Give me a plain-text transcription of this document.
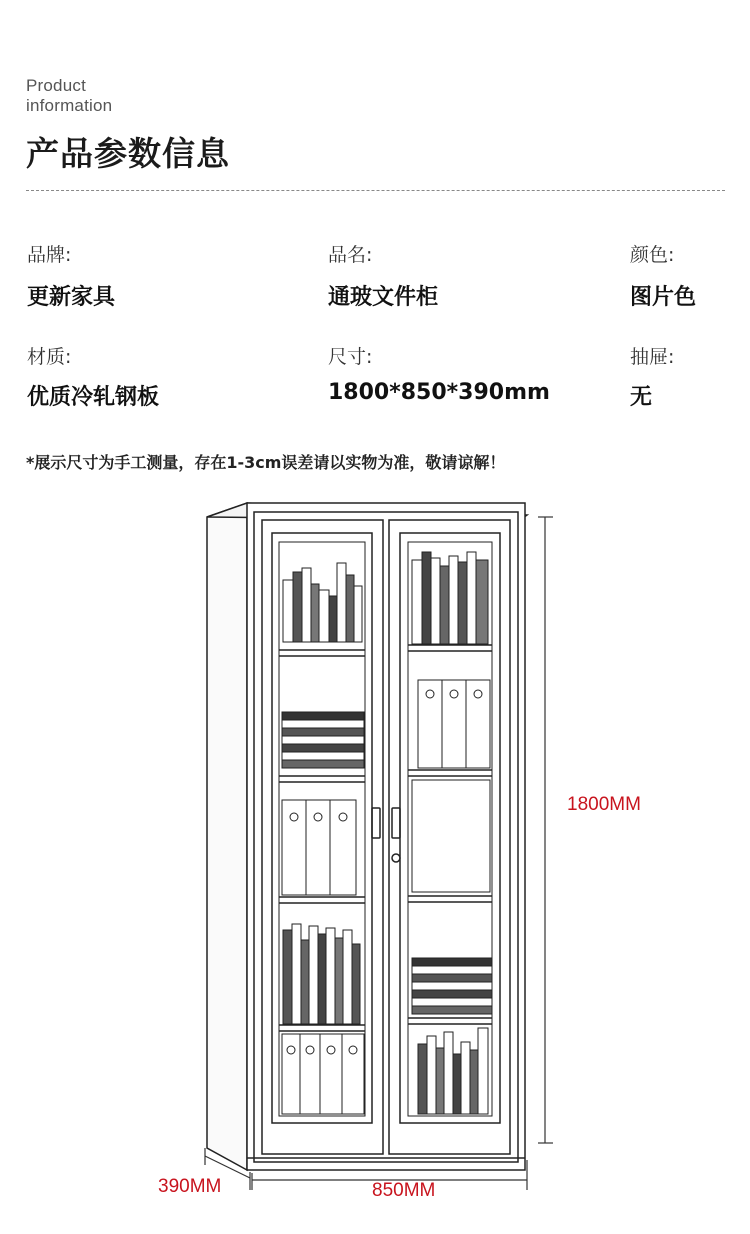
Product
information
产品参数信息
品牌:
更新家具
品名:
通玻文件柜
颜色:
图片色
材质:
优质冷轧钢板
尺寸:
1800*850*390mm
抽屉:
无
*展示尺寸为手工测量，存在1-3cm误差请以实物为准，敬请谅解！
1800MM
850MM
390MM
